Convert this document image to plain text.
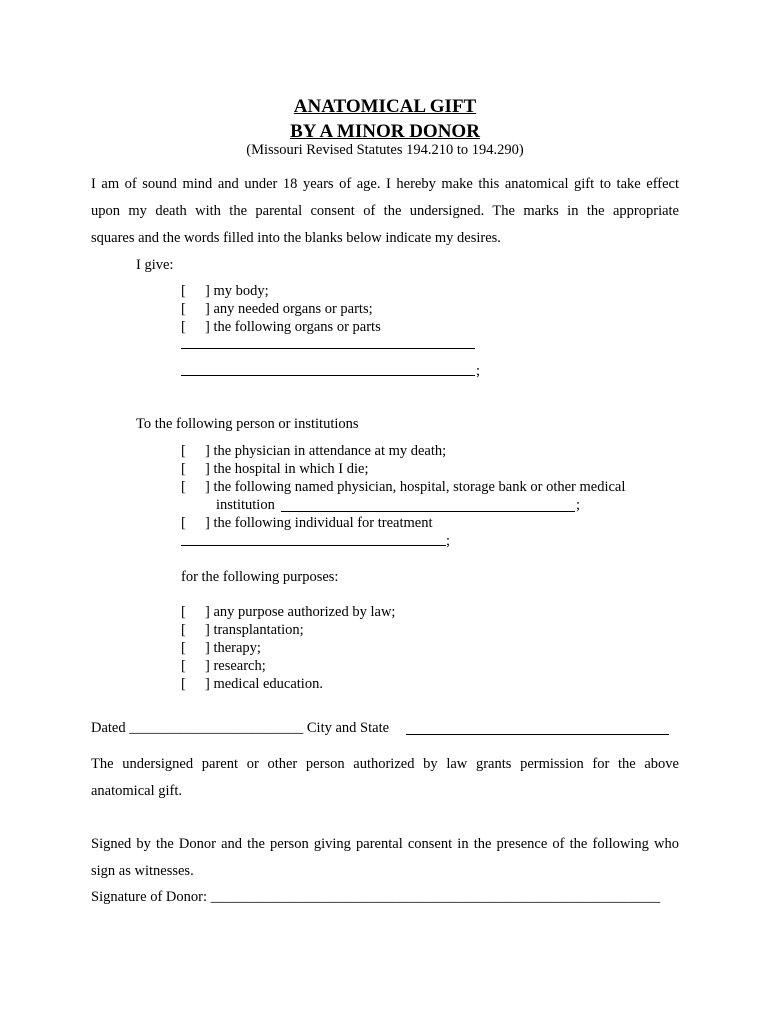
ANATOMICAL GIFT
BY A MINOR DONOR
(Missouri Revised Statutes 194.210 to 194.290)
I am of sound mind and under 18 years of age. I hereby make this anatomical gift to take effect
upon my death with the parental consent of the undersigned. The marks in the appropriate
squares and the words filled into the blanks below indicate my desires.
I give:
[ ] my body;
[ ] any needed organs or parts;
[ ] the following organs or parts
;
To the following person or institutions
[ ] the physician in attendance at my death;
[ ] the hospital in which I die;
[ ] the following named physician, hospital, storage bank or other medical
institution	;
[ ] the following individual for treatment
;
for the following purposes:
[ ] any purpose authorized by law;
[ ] transplantation;
[ ] therapy;
[ ] research;
[ ] medical education.
Dated ________________________ City and State
The undersigned parent or other person authorized by law grants permission for the above
anatomical gift.
Signed by the Donor and the person giving parental consent in the presence of the following who
sign as witnesses.
Signature of Donor: ______________________________________________________________
